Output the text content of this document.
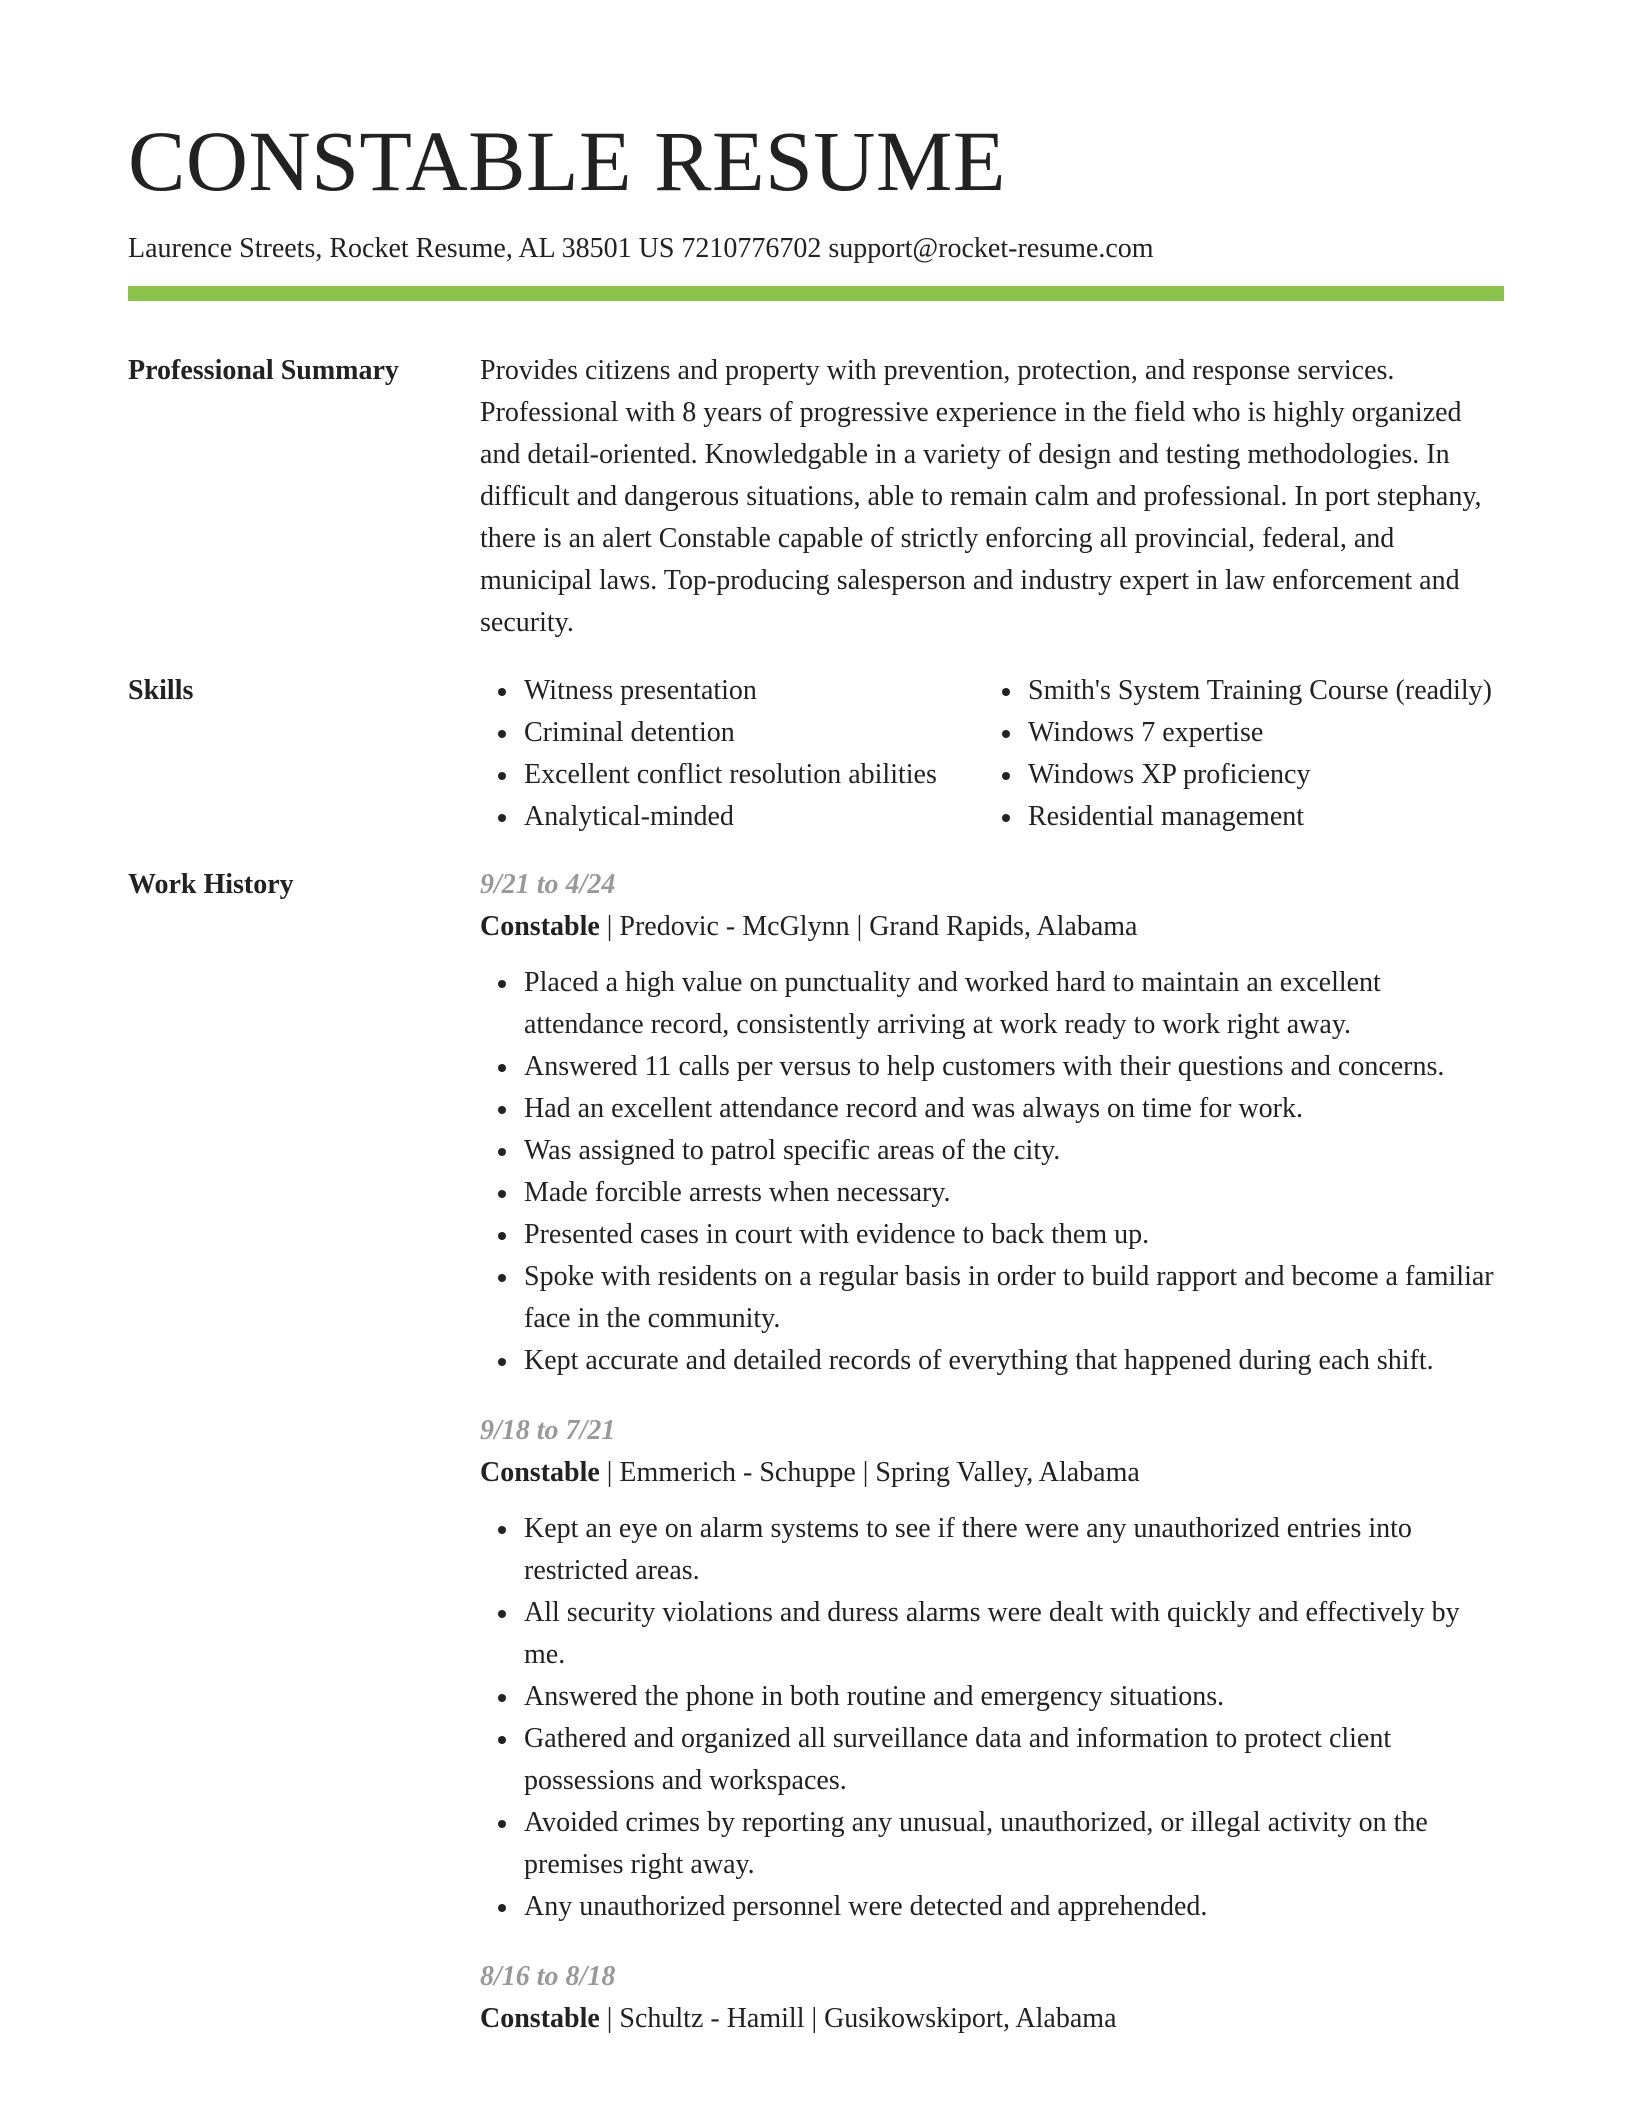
CONSTABLE RESUME
Laurence Streets, Rocket Resume, AL 38501 US 7210776702 support@rocket-resume.com
Professional Summary	Provides citizens and property with prevention, protection, and response services. Professional with 8 years of progressive experience in the field who is highly organized and detail-oriented. Knowledgable in a variety of design and testing methodologies. In difficult and dangerous situations, able to remain calm and professional. In port stephany, there is an alert Constable capable of strictly enforcing all provincial, federal, and municipal laws. Top-producing salesperson and industry expert in law enforcement and security.

Skills	Witness presentation
Criminal detention
Excellent conflict resolution abilities
Analytical-minded
Smith's System Training Course (readily)
Windows 7 expertise
Windows XP proficiency
Residential management
Work History	9/21 to 4/24
Constable | Predovic - McGlynn | Grand Rapids, Alabama
Placed a high value on punctuality and worked hard to maintain an excellent attendance record, consistently arriving at work ready to work right away.
Answered 11 calls per versus to help customers with their questions and concerns.
Had an excellent attendance record and was always on time for work.
Was assigned to patrol specific areas of the city.
Made forcible arrests when necessary.
Presented cases in court with evidence to back them up.
Spoke with residents on a regular basis in order to build rapport and become a familiar face in the community.
Kept accurate and detailed records of everything that happened during each shift.
9/18 to 7/21
Constable | Emmerich - Schuppe | Spring Valley, Alabama
Kept an eye on alarm systems to see if there were any unauthorized entries into restricted areas.
All security violations and duress alarms were dealt with quickly and effectively by me.
Answered the phone in both routine and emergency situations.
Gathered and organized all surveillance data and information to protect client possessions and workspaces.
Avoided crimes by reporting any unusual, unauthorized, or illegal activity on the premises right away.
Any unauthorized personnel were detected and apprehended.
8/16 to 8/18
Constable | Schultz - Hamill | Gusikowskiport, Alabama
